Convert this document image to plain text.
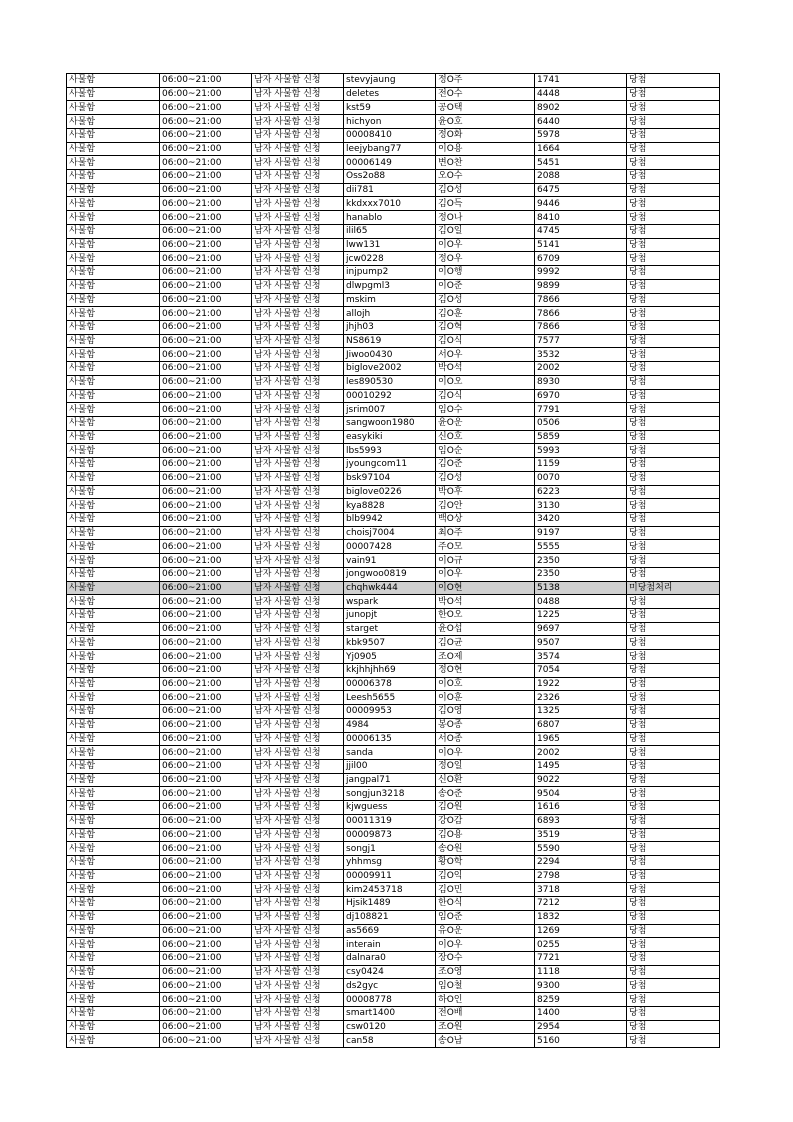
사물함	06:00~21:00	남자 사물함 신청	stevyjaung	정O주	1741	당첨
사물함	06:00~21:00	남자 사물함 신청	deletes	전O수	4448	당첨
사물함	06:00~21:00	남자 사물함 신청	kst59	공O택	8902	당첨
사물함	06:00~21:00	남자 사물함 신청	hichyon	윤O호	6440	당첨
사물함	06:00~21:00	남자 사물함 신청	00008410	정O화	5978	당첨
사물함	06:00~21:00	남자 사물함 신청	leejybang77	이O용	1664	당첨
사물함	06:00~21:00	남자 사물함 신청	00006149	변O찬	5451	당첨
사물함	06:00~21:00	남자 사물함 신청	Oss2o88	오O수	2088	당첨
사물함	06:00~21:00	남자 사물함 신청	dii781	김O성	6475	당첨
사물함	06:00~21:00	남자 사물함 신청	kkdxxx7010	김O득	9446	당첨
사물함	06:00~21:00	남자 사물함 신청	hanablo	정O나	8410	당첨
사물함	06:00~21:00	남자 사물함 신청	ilil65	김O일	4745	당첨
사물함	06:00~21:00	남자 사물함 신청	lww131	이O우	5141	당첨
사물함	06:00~21:00	남자 사물함 신청	jcw0228	정O우	6709	당첨
사물함	06:00~21:00	남자 사물함 신청	injpump2	이O행	9992	당첨
사물함	06:00~21:00	남자 사물함 신청	dlwpgml3	이O준	9899	당첨
사물함	06:00~21:00	남자 사물함 신청	mskim	김O성	7866	당첨
사물함	06:00~21:00	남자 사물함 신청	allojh	김O훈	7866	당첨
사물함	06:00~21:00	남자 사물함 신청	jhjh03	김O혁	7866	당첨
사물함	06:00~21:00	남자 사물함 신청	NS8619	김O식	7577	당첨
사물함	06:00~21:00	남자 사물함 신청	Jiwoo0430	서O우	3532	당첨
사물함	06:00~21:00	남자 사물함 신청	biglove2002	박O석	2002	당첨
사물함	06:00~21:00	남자 사물함 신청	les890530	이O오	8930	당첨
사물함	06:00~21:00	남자 사물함 신청	00010292	김O식	6970	당첨
사물함	06:00~21:00	남자 사물함 신청	jsrim007	임O수	7791	당첨
사물함	06:00~21:00	남자 사물함 신청	sangwoon1980	윤O운	0506	당첨
사물함	06:00~21:00	남자 사물함 신청	easykiki	신O호	5859	당첨
사물함	06:00~21:00	남자 사물함 신청	lbs5993	임O순	5993	당첨
사물함	06:00~21:00	남자 사물함 신청	jyoungcom11	김O준	1159	당첨
사물함	06:00~21:00	남자 사물함 신청	bsk97104	김O성	0070	당첨
사물함	06:00~21:00	남자 사물함 신청	biglove0226	박O후	6223	당첨
사물함	06:00~21:00	남자 사물함 신청	kya8828	김O안	3130	당첨
사물함	06:00~21:00	남자 사물함 신청	blb9942	백O상	3420	당첨
사물함	06:00~21:00	남자 사물함 신청	choisj7004	최O주	9197	당첨
사물함	06:00~21:00	남자 사물함 신청	00007428	주O모	5555	당첨
사물함	06:00~21:00	남자 사물함 신청	vain91	이O규	2350	당첨
사물함	06:00~21:00	남자 사물함 신청	jongwoo0819	이O우	2350	당첨
사물함	06:00~21:00	남자 사물함 신청	chqhwk444	이O현	5138	미당첨처리
사물함	06:00~21:00	남자 사물함 신청	wspark	박O석	0488	당첨
사물함	06:00~21:00	남자 사물함 신청	junopjt	한O오	1225	당첨
사물함	06:00~21:00	남자 사물함 신청	starget	윤O섭	9697	당첨
사물함	06:00~21:00	남자 사물함 신청	kbk9507	김O균	9507	당첨
사물함	06:00~21:00	남자 사물함 신청	Yj0905	조O제	3574	당첨
사물함	06:00~21:00	남자 사물함 신청	kkjhhjhh69	정O현	7054	당첨
사물함	06:00~21:00	남자 사물함 신청	00006378	이O호	1922	당첨
사물함	06:00~21:00	남자 사물함 신청	Leesh5655	이O훈	2326	당첨
사물함	06:00~21:00	남자 사물함 신청	00009953	김O영	1325	당첨
사물함	06:00~21:00	남자 사물함 신청	4984	봉O종	6807	당첨
사물함	06:00~21:00	남자 사물함 신청	00006135	서O종	1965	당첨
사물함	06:00~21:00	남자 사물함 신청	sanda	이O우	2002	당첨
사물함	06:00~21:00	남자 사물함 신청	jjil00	정O일	1495	당첨
사물함	06:00~21:00	남자 사물함 신청	jangpal71	신O환	9022	당첨
사물함	06:00~21:00	남자 사물함 신청	songjun3218	송O준	9504	당첨
사물함	06:00~21:00	남자 사물함 신청	kjwguess	김O원	1616	당첨
사물함	06:00~21:00	남자 사물함 신청	00011319	강O감	6893	당첨
사물함	06:00~21:00	남자 사물함 신청	00009873	김O용	3519	당첨
사물함	06:00~21:00	남자 사물함 신청	songj1	송O원	5590	당첨
사물함	06:00~21:00	남자 사물함 신청	yhhmsg	황O학	2294	당첨
사물함	06:00~21:00	남자 사물함 신청	00009911	김O익	2798	당첨
사물함	06:00~21:00	남자 사물함 신청	kim2453718	김O민	3718	당첨
사물함	06:00~21:00	남자 사물함 신청	Hjsik1489	한O식	7212	당첨
사물함	06:00~21:00	남자 사물함 신청	dj108821	임O준	1832	당첨
사물함	06:00~21:00	남자 사물함 신청	as5669	유O운	1269	당첨
사물함	06:00~21:00	남자 사물함 신청	interain	이O우	0255	당첨
사물함	06:00~21:00	남자 사물함 신청	dalnara0	장O수	7721	당첨
사물함	06:00~21:00	남자 사물함 신청	csy0424	조O영	1118	당첨
사물함	06:00~21:00	남자 사물함 신청	ds2gyc	임O철	9300	당첨
사물함	06:00~21:00	남자 사물함 신청	00008778	하O인	8259	당첨
사물함	06:00~21:00	남자 사물함 신청	smart1400	전O배	1400	당첨
사물함	06:00~21:00	남자 사물함 신청	csw0120	조O원	2954	당첨
사물함	06:00~21:00	남자 사물함 신청	can58	송O남	5160	당첨
